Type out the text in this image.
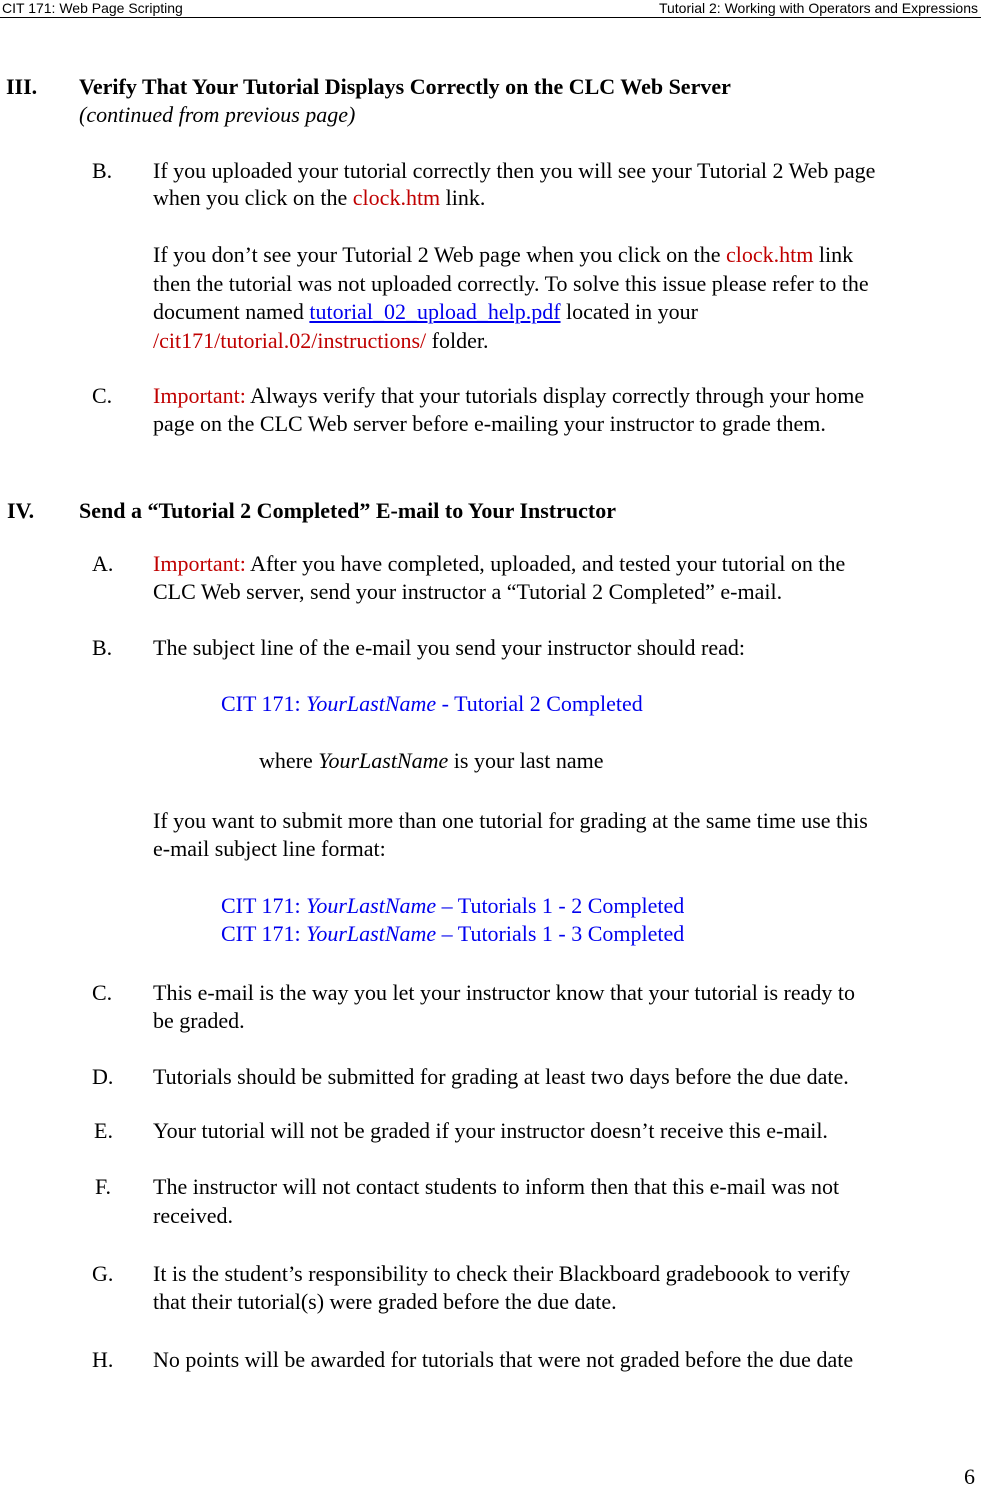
CIT 171: Web Page Scripting	Tutorial 2: Working with Operators and Expressions
III. Verify That Your Tutorial Displays Correctly on the CLC Web Server
(continued from previous page)
B. If you uploaded your tutorial correctly then you will see your Tutorial 2 Web page
when you click on the clock.htm link.
If you don’t see your Tutorial 2 Web page when you click on the clock.htm link
then the tutorial was not uploaded correctly. To solve this issue please refer to the
document named tutorial_02_upload_help.pdf located in your
/cit171/tutorial.02/instructions/ folder.
C. Important: Always verify that your tutorials display correctly through your home
page on the CLC Web server before e-mailing your instructor to grade them.
IV. Send a “Tutorial 2 Completed” E-mail to Your Instructor
A. Important: After you have completed, uploaded, and tested your tutorial on the
CLC Web server, send your instructor a “Tutorial 2 Completed” e-mail.
B. The subject line of the e-mail you send your instructor should read:
CIT 171: YourLastName - Tutorial 2 Completed
where YourLastName is your last name
If you want to submit more than one tutorial for grading at the same time use this
e-mail subject line format:
CIT 171: YourLastName – Tutorials 1 - 2 Completed
CIT 171: YourLastName – Tutorials 1 - 3 Completed
C. This e-mail is the way you let your instructor know that your tutorial is ready to
be graded.
D. Tutorials should be submitted for grading at least two days before the due date.
E. Your tutorial will not be graded if your instructor doesn’t receive this e-mail.
F. The instructor will not contact students to inform then that this e-mail was not
received.
G. It is the student’s responsibility to check their Blackboard gradeboook to verify
that their tutorial(s) were graded before the due date.
H. No points will be awarded for tutorials that were not graded before the due date
6
